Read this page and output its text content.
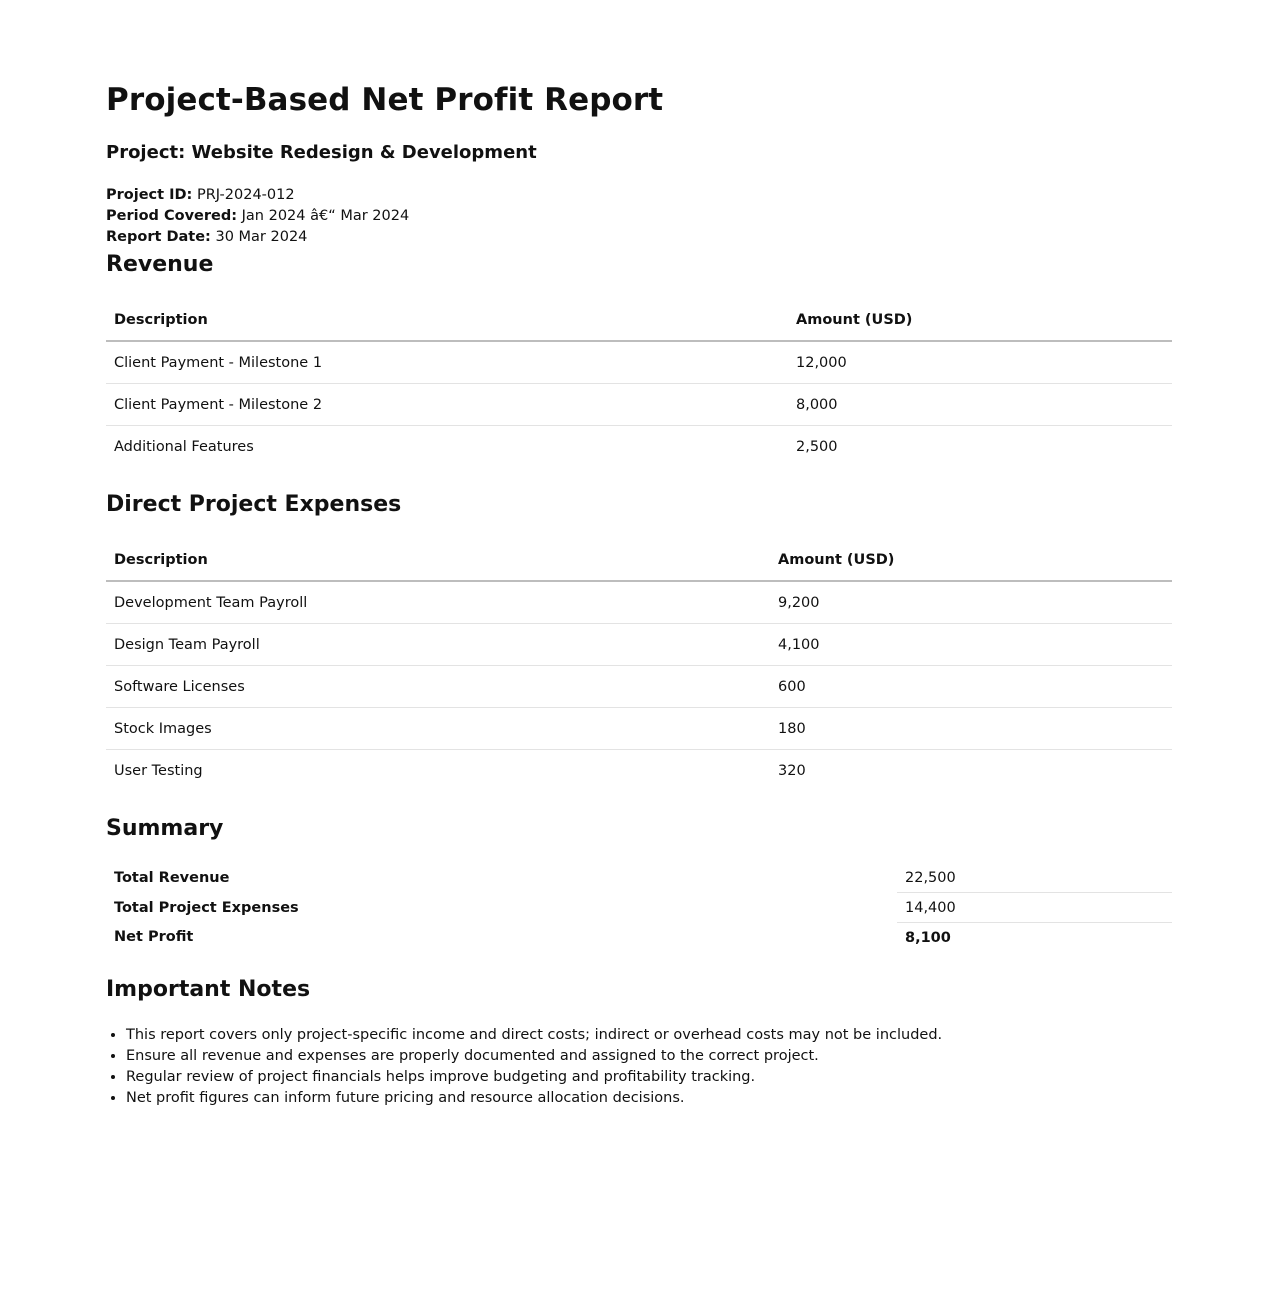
Project-Based Net Profit Report
Project: Website Redesign & Development
Project ID: PRJ-2024-012
Period Covered: Jan 2024 â€“ Mar 2024
Report Date: 30 Mar 2024
Revenue
Description	Amount (USD)
Client Payment - Milestone 1	12,000
Client Payment - Milestone 2	8,000
Additional Features	2,500
Direct Project Expenses
Description	Amount (USD)
Development Team Payroll	9,200
Design Team Payroll	4,100
Software Licenses	600
Stock Images	180
User Testing	320
Summary
Total Revenue	22,500
Total Project Expenses	14,400
Net Profit	8,100
Important Notes
• This report covers only project-specific income and direct costs; indirect or overhead costs may not be included.
• Ensure all revenue and expenses are properly documented and assigned to the correct project.
• Regular review of project financials helps improve budgeting and profitability tracking.
• Net profit figures can inform future pricing and resource allocation decisions.
